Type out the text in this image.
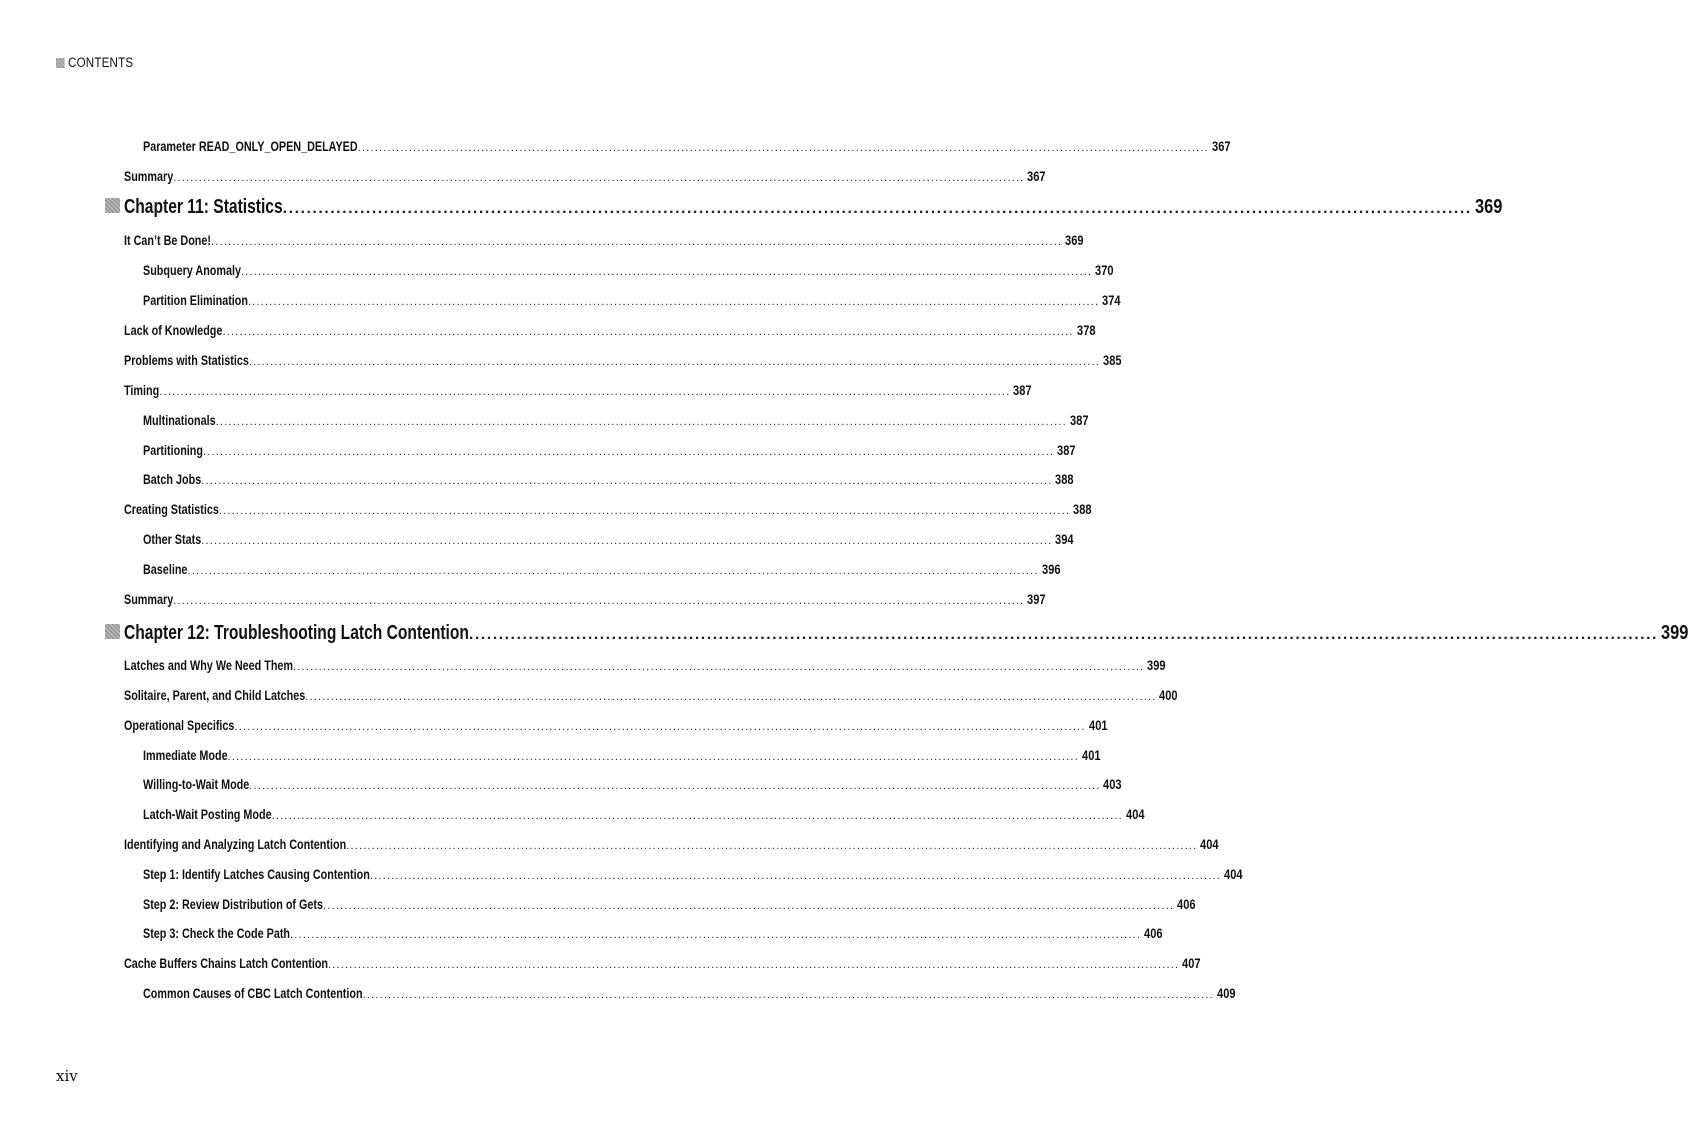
CONTENTS
Parameter READ_ONLY_OPEN_DELAYED ........................................................................................................................................................................................................ 367
Summary ........................................................................................................................................................................................................ 367
Chapter 11: Statistics ........................................................................................................................................................................................................ 369
It Can’t Be Done! ........................................................................................................................................................................................................ 369
Subquery Anomaly ........................................................................................................................................................................................................ 370
Partition Elimination ........................................................................................................................................................................................................ 374
Lack of Knowledge ........................................................................................................................................................................................................ 378
Problems with Statistics ........................................................................................................................................................................................................ 385
Timing ........................................................................................................................................................................................................ 387
Multinationals ........................................................................................................................................................................................................ 387
Partitioning ........................................................................................................................................................................................................ 387
Batch Jobs ........................................................................................................................................................................................................ 388
Creating Statistics ........................................................................................................................................................................................................ 388
Other Stats ........................................................................................................................................................................................................ 394
Baseline ........................................................................................................................................................................................................ 396
Summary ........................................................................................................................................................................................................ 397
Chapter 12: Troubleshooting Latch Contention ........................................................................................................................................................................................................ 399
Latches and Why We Need Them ........................................................................................................................................................................................................ 399
Solitaire, Parent, and Child Latches ........................................................................................................................................................................................................ 400
Operational Specifics ........................................................................................................................................................................................................ 401
Immediate Mode ........................................................................................................................................................................................................ 401
Willing-to-Wait Mode ........................................................................................................................................................................................................ 403
Latch-Wait Posting Mode ........................................................................................................................................................................................................ 404
Identifying and Analyzing Latch Contention ........................................................................................................................................................................................................ 404
Step 1: Identify Latches Causing Contention ........................................................................................................................................................................................................ 404
Step 2: Review Distribution of Gets ........................................................................................................................................................................................................ 406
Step 3: Check the Code Path ........................................................................................................................................................................................................ 406
Cache Buffers Chains Latch Contention ........................................................................................................................................................................................................ 407
Common Causes of CBC Latch Contention ........................................................................................................................................................................................................ 409
xiv
